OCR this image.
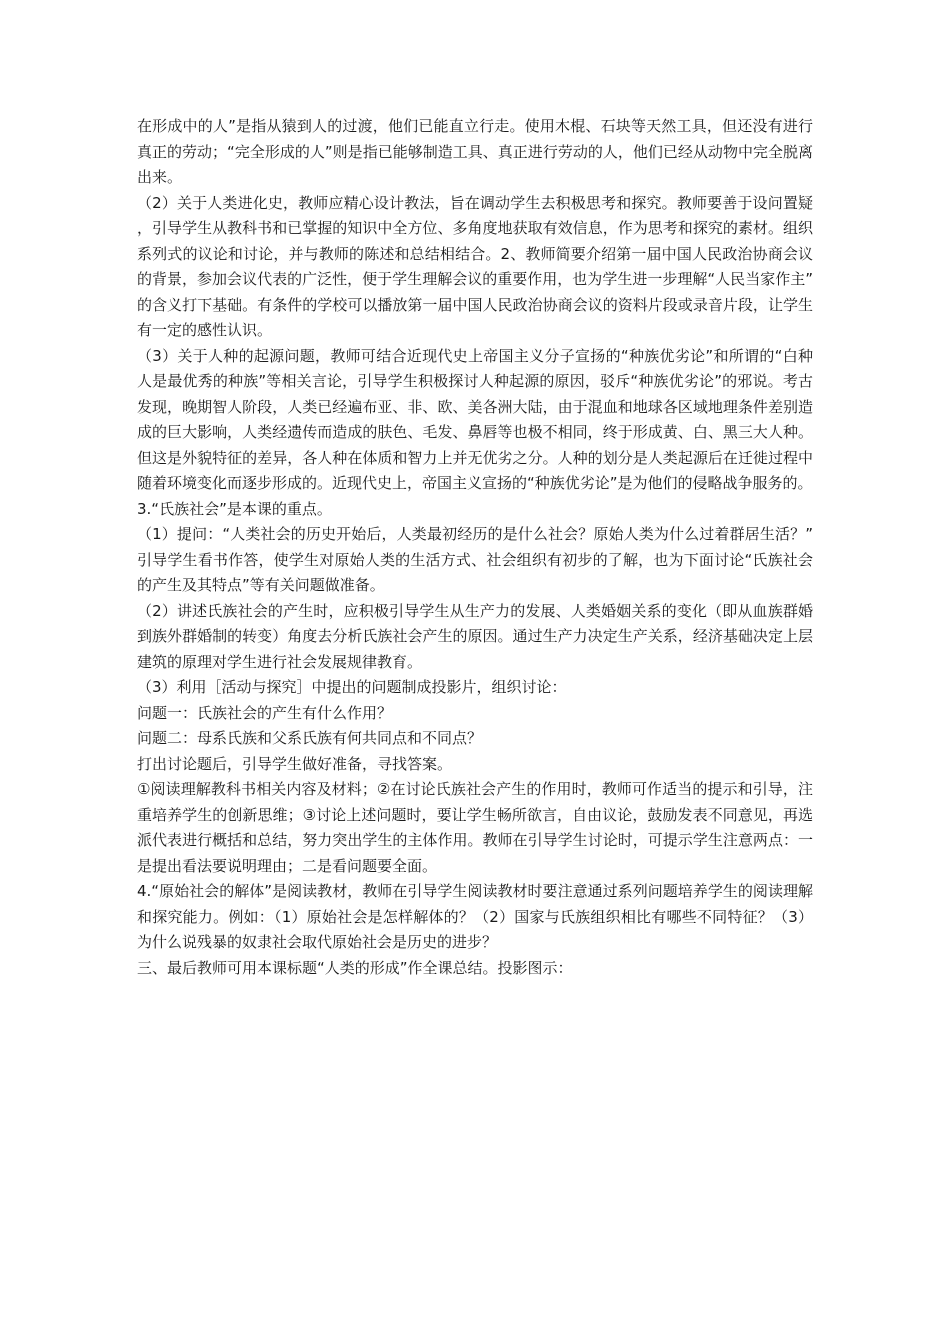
在形成中的人”是指从猿到人的过渡，他们已能直立行走。使用木棍、石块等天然工具，但还没有进行真正的劳动；“完全形成的人”则是指已能够制造工具、真正进行劳动的人，他们已经从动物中完全脱离出来。

（2）关于人类进化史，教师应精心设计教法，旨在调动学生去积极思考和探究。教师要善于设问置疑，引导学生从教科书和已掌握的知识中全方位、多角度地获取有效信息，作为思考和探究的素材。组织系列式的议论和讨论，并与教师的陈述和总结相结合。2、教师简要介绍第一届中国人民政治协商会议的背景，参加会议代表的广泛性，便于学生理解会议的重要作用，也为学生进一步理解“人民当家作主”的含义打下基础。有条件的学校可以播放第一届中国人民政治协商会议的资料片段或录音片段，让学生有一定的感性认识。

（3）关于人种的起源问题，教师可结合近现代史上帝国主义分子宣扬的“种族优劣论”和所谓的“白种人是最优秀的种族”等相关言论，引导学生积极探讨人种起源的原因，驳斥“种族优劣论”的邪说。考古发现，晚期智人阶段，人类已经遍布亚、非、欧、美各洲大陆，由于混血和地球各区域地理条件差别造成的巨大影响，人类经遗传而造成的肤色、毛发、鼻唇等也极不相同，终于形成黄、白、黑三大人种。但这是外貌特征的差异，各人种在体质和智力上并无优劣之分。人种的划分是人类起源后在迁徙过程中随着环境变化而逐步形成的。近现代史上，帝国主义宣扬的“种族优劣论”是为他们的侵略战争服务的。

3.“氏族社会”是本课的重点。

（1）提问：“人类社会的历史开始后，人类最初经历的是什么社会？原始人类为什么过着群居生活？”引导学生看书作答，使学生对原始人类的生活方式、社会组织有初步的了解，也为下面讨论“氏族社会的产生及其特点”等有关问题做准备。

（2）讲述氏族社会的产生时，应积极引导学生从生产力的发展、人类婚姻关系的变化（即从血族群婚到族外群婚制的转变）角度去分析氏族社会产生的原因。通过生产力决定生产关系，经济基础决定上层建筑的原理对学生进行社会发展规律教育。

（3）利用［活动与探究］中提出的问题制成投影片，组织讨论：

问题一：氏族社会的产生有什么作用？

问题二：母系氏族和父系氏族有何共同点和不同点？

打出讨论题后，引导学生做好准备，寻找答案。

①阅读理解教科书相关内容及材料；②在讨论氏族社会产生的作用时，教师可作适当的提示和引导，注重培养学生的创新思维；③讨论上述问题时，要让学生畅所欲言，自由议论，鼓励发表不同意见，再选派代表进行概括和总结，努力突出学生的主体作用。教师在引导学生讨论时，可提示学生注意两点：一是提出看法要说明理由；二是看问题要全面。

4.“原始社会的解体”是阅读教材，教师在引导学生阅读教材时要注意通过系列问题培养学生的阅读理解和探究能力。例如：（1）原始社会是怎样解体的？（2）国家与氏族组织相比有哪些不同特征？（3）为什么说残暴的奴隶社会取代原始社会是历史的进步？

三、最后教师可用本课标题“人类的形成”作全课总结。投影图示：
